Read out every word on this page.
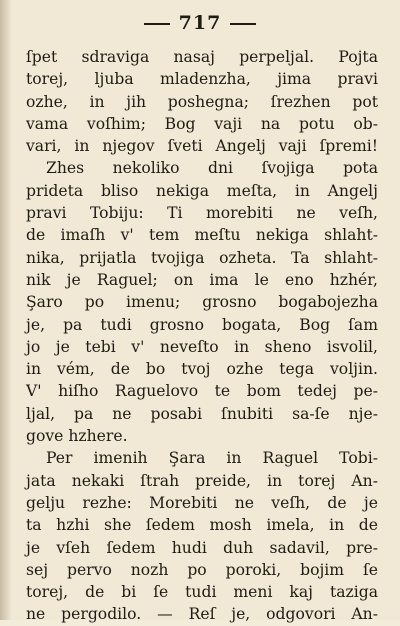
717
ſpet sdraviga nasaj perpeljal. Pojta
torej, ljuba mladenzha, jima pravi
ozhe, in jih poshegna; ſrezhen pot
vama voſhim; Bog vaji na potu ob-
vari, in njegov ſveti Angelj vaji ſpremi!
Zhes nekoliko dni ſvojiga pota
prideta bliso nekiga meſta, in Angelj
pravi Tobiju: Ti morebiti ne veſh,
de imaſh v' tem meſtu nekiga shlaht-
nika, prijatla tvojiga ozheta. Ta shlaht-
nik je Raguel; on ima le eno hzhér,
Şaro po imenu; grosno bogabojezha
je, pa tudi grosno bogata, Bog ſam
jo je tebi v' neveſto in sheno isvolil,
in vém, de bo tvoj ozhe tega voljin.
V' hiſho Raguelovo te bom tedej pe-
ljal, pa ne posabi ſnubiti sa-ſe nje-
gove hzhere.
Per imenih Şara in Raguel Tobi-
jata nekaki ſtrah preide, in torej An-
gelju rezhe: Morebiti ne veſh, de je
ta hzhi she ſedem mosh imela, in de
je vſeh ſedem hudi duh sadavil, pre-
sej pervo nozh po poroki, bojim ſe
torej, de bi ſe tudi meni kaj taziga
ne pergodilo. — Reſ je, odgovori An-
